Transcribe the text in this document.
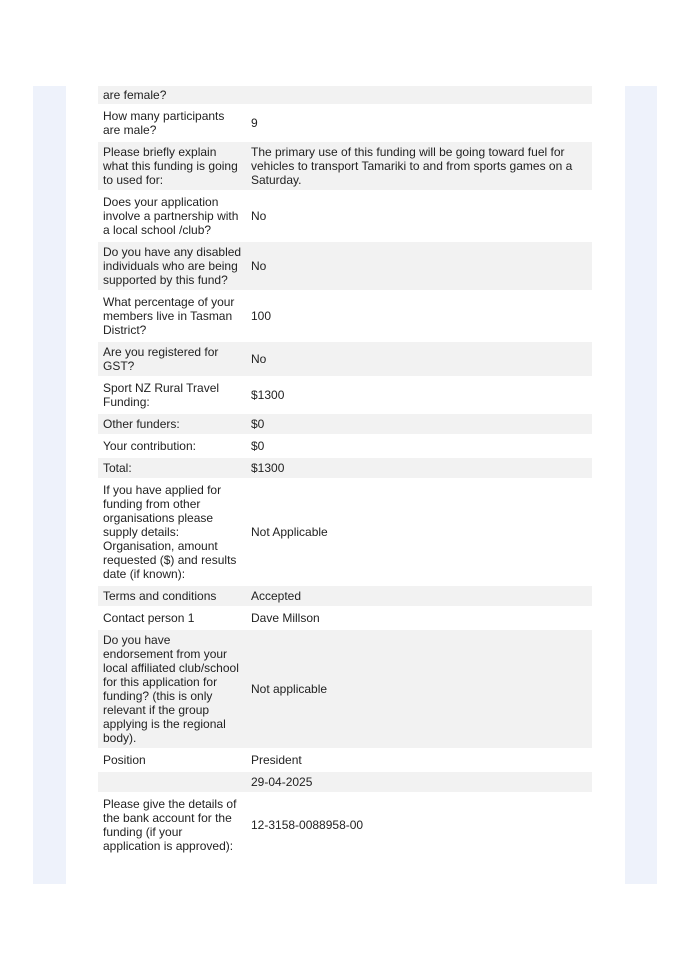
are female?	
How many participants are male?	9
Please briefly explain what this funding is going to used for:	The primary use of this funding will be going toward fuel for vehicles to transport Tamariki to and from sports games on a Saturday.
Does your application involve a partnership with a local school /club?	No
Do you have any disabled individuals who are being supported by this fund?	No
What percentage of your members live in Tasman District?	100
Are you registered for GST?	No
Sport NZ Rural Travel Funding:	$1300
Other funders:	$0
Your contribution:	$0
Total:	$1300
If you have applied for funding from other organisations please supply details: Organisation, amount requested ($) and results date (if known):	Not Applicable
Terms and conditions	Accepted
Contact person 1	Dave Millson
Do you have endorsement from your local affiliated club/school for this application for funding? (this is only relevant if the group applying is the regional body).	Not applicable
Position	President
	29-04-2025
Please give the details of the bank account for the funding (if your application is approved):	12-3158-0088958-00
